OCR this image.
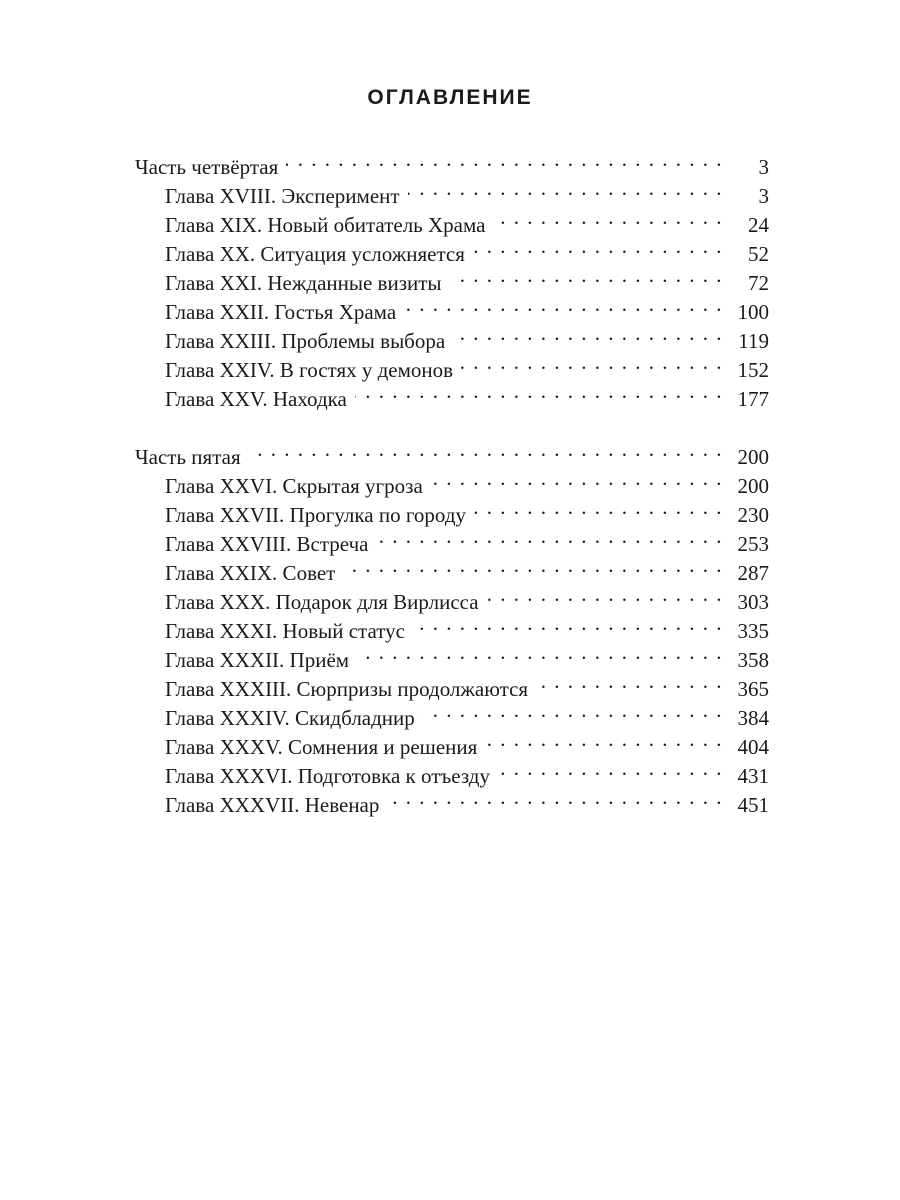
ОГЛАВЛЕНИЕ
Часть четвёртая . . .	3
Глава XVIII. Эксперимент . . .	3
Глава XIX. Новый обитатель Храма . . .	24
Глава XX. Ситуация усложняется . . .	52
Глава XXI. Нежданные визиты . . .	72
Глава XXII. Гостья Храма . . .	100
Глава XXIII. Проблемы выбора . . .	119
Глава XXIV. В гостях у демонов . . .	152
Глава XXV. Находка . . .	177
Часть пятая . . .	200
Глава XXVI. Скрытая угроза . . .	200
Глава XXVII. Прогулка по городу . . .	230
Глава XXVIII. Встреча . . .	253
Глава XXIX. Совет . . .	287
Глава XXX. Подарок для Вирлисса . . .	303
Глава XXXI. Новый статус . . .	335
Глава XXXII. Приём . . .	358
Глава XXXIII. Сюрпризы продолжаются . . .	365
Глава XXXIV. Скидбладнир . . .	384
Глава XXXV. Сомнения и решения . . .	404
Глава XXXVI. Подготовка к отъезду . . .	431
Глава XXXVII. Невенар . . .	451
